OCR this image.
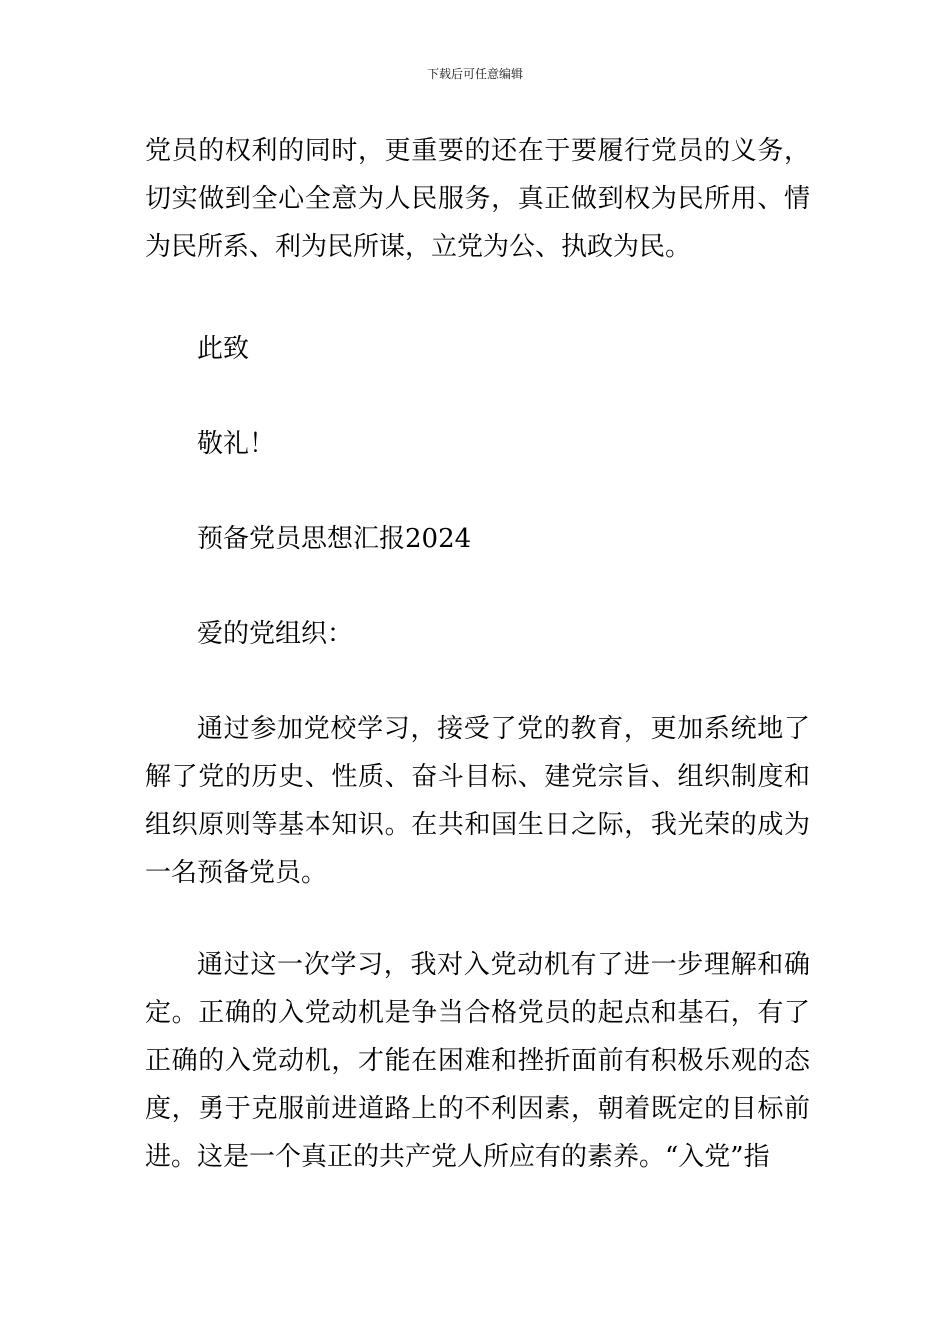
下载后可任意编辑

党员的权利的同时，更重要的还在于要履行党员的义务，切实做到全心全意为人民服务，真正做到权为民所用、情为民所系、利为民所谋，立党为公、执政为民。

此致

敬礼！

预备党员思想汇报2024

爱的党组织：

通过参加党校学习，接受了党的教育，更加系统地了解了党的历史、性质、奋斗目标、建党宗旨、组织制度和组织原则等基本知识。在共和国生日之际，我光荣的成为一名预备党员。

通过这一次学习，我对入党动机有了进一步理解和确定。正确的入党动机是争当合格党员的起点和基石，有了正确的入党动机，才能在困难和挫折面前有积极乐观的态度，勇于克服前进道路上的不利因素，朝着既定的目标前进。这是一个真正的共产党人所应有的素养。“入党”指
